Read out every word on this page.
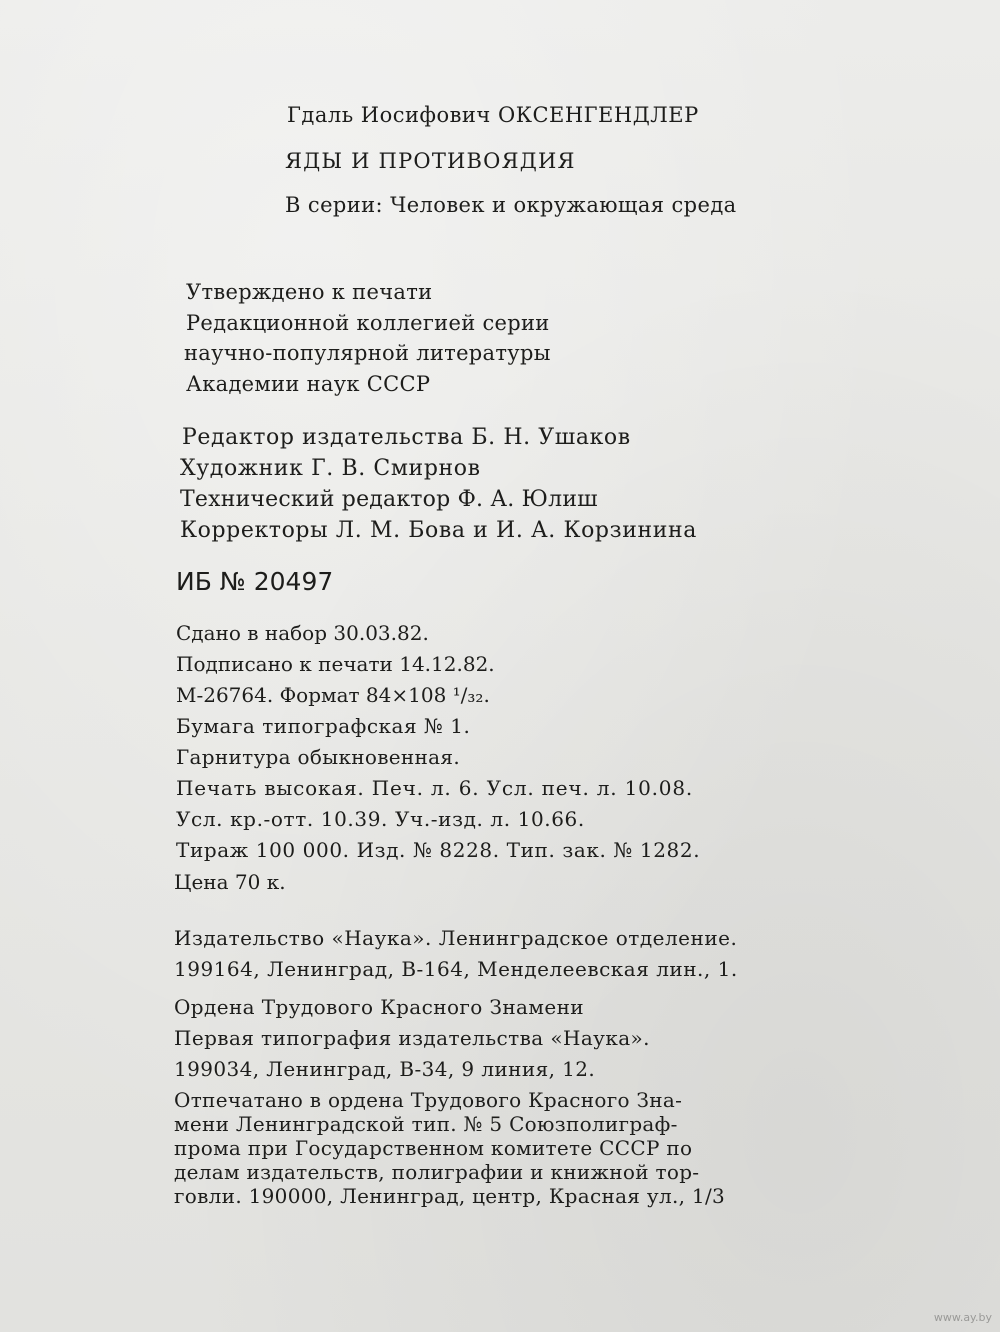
Гдаль Иосифович ОКСЕНГЕНДЛЕР
ЯДЫ И ПРОТИВОЯДИЯ
В серии: Человек и окружающая среда
Утверждено к печати
Редакционной коллегией серии
научно-популярной литературы
Академии наук СССР
Редактор издательства Б. Н. Ушаков
Художник Г. В. Смирнов
Технический редактор Ф. А. Юлиш
Корректоры Л. М. Бова и И. А. Корзинина
ИБ № 20497
Сдано в набор 30.03.82.
Подписано к печати 14.12.82.
М-26764. Формат 84×108 ¹/₃₂.
Бумага типографская № 1.
Гарнитура обыкновенная.
Печать высокая. Печ. л. 6. Усл. печ. л. 10.08.
Усл. кр.-отт. 10.39. Уч.-изд. л. 10.66.
Тираж 100 000. Изд. № 8228. Тип. зак. № 1282.
Цена 70 к.
Издательство «Наука». Ленинградское отделение.
199164, Ленинград, В-164, Менделеевская лин., 1.
Ордена Трудового Красного Знамени
Первая типография издательства «Наука».
199034, Ленинград, В-34, 9 линия, 12.
Отпечатано в ордена Трудового Красного Зна-
мени Ленинградской тип. № 5 Союзполиграф-
прома при Государственном комитете СССР по
делам издательств, полиграфии и книжной тор-
говли. 190000, Ленинград, центр, Красная ул., 1/3
www.ay.by
